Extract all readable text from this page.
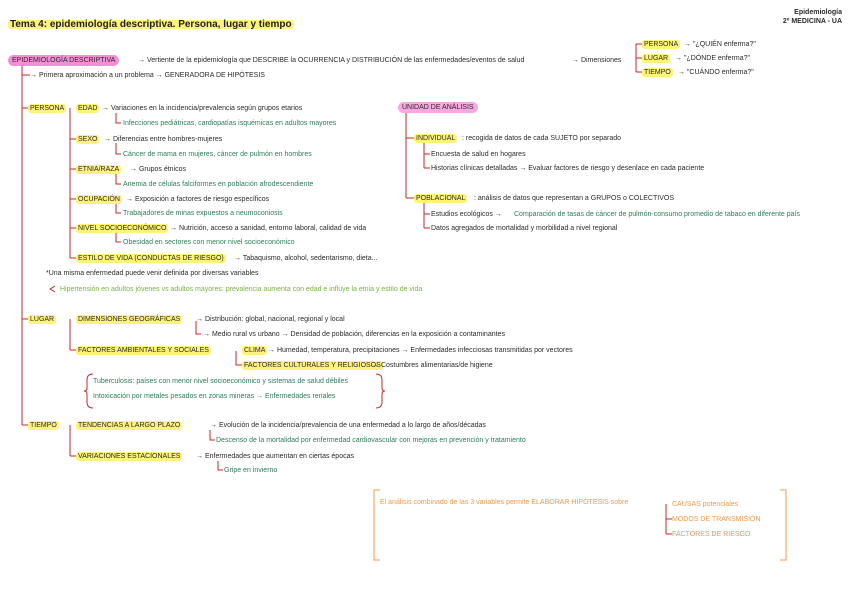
Tema 4: epidemiología descriptiva. Persona, lugar y tiempo
Epidemiología
2º MEDICINA - UA
EPIDEMIOLOGÍA DESCRIPTIVA	→ Vertiente de la epidemiología que DESCRIBE la OCURRENCIA y DISTRIBUCIÓN de las enfermedades/eventos de salud	→ Dimensiones
→ Primera aproximación a un problema → GENERADORA DE HIPÓTESIS
PERSONA → "¿QUIÉN enferma?"
LUGAR → "¿DÓNDE enferma?"
TIEMPO → "CUÁNDO enferma?"
PERSONA EDAD → Variaciones en la incidencia/prevalencia según grupos etarios
Infecciones pediátricas, cardiopatías isquémicas en adultos mayores
SEXO → Diferencias entre hombres-mujeres
Cáncer de mama en mujeres, cáncer de pulmón en hombres
ETNIA/RAZA → Grupos étnicos
Anemia de células falciformes en población afrodescendiente
OCUPACIÓN → Exposición a factores de riesgo específicos
Trabajadores de minas expuestos a neumoconiosis
NIVEL SOCIOECONÓMICO → Nutrición, acceso a sanidad, entorno laboral, calidad de vida
Obesidad en sectores con menor nivel socioeconómico
ESTILO DE VIDA (CONDUCTAS DE RIESGO) → Tabaquismo, alcohol, sedentarismo, dieta...
*Una misma enfermedad puede venir definida por diversas variables
Hipertensión en adultos jóvenes vs adultos mayores: prevalencia aumenta con edad e influye la etnia y estilo de vida
UNIDAD DE ANÁLISIS
INDIVIDUAL : recogida de datos de cada SUJETO por separado
Encuesta de salud en hogares
Historias clínicas detalladas → Evaluar factores de riesgo y desenlace en cada paciente
POBLACIONAL : análisis de datos que representan a GRUPOS o COLECTIVOS
Estudios ecológicos → Comparación de tasas de cáncer de pulmón-consumo promedio de tabaco en diferente país
Datos agregados de mortalidad y morbilidad a nivel regional
LUGAR	DIMENSIONES GEOGRÁFICAS → Distribución: global, nacional, regional y local
→ Medio rural vs urbano → Densidad de población, diferencias en la exposición a contaminantes
FACTORES AMBIENTALES Y SOCIALES	CLIMA → Humedad, temperatura, precipitaciones → Enfermedades infecciosas transmitidas por vectores
FACTORES CULTURALES Y RELIGIOSOS
→ Costumbres alimentarias/de higiene
Tuberculosis: países con menor nivel socioeconómico y sistemas de salud débiles
Intoxicación por metales pesados en zonas mineras → Enfermedades renales
TIEMPO	TENDENCIAS A LARGO PLAZO	→ Evolución de la incidencia/prevalencia de una enfermedad a lo largo de años/décadas
Descenso de la mortalidad por enfermedad cardiovascular con mejoras en prevención y tratamiento
VARIACIONES ESTACIONALES → Enfermedades que aumentan en ciertas épocas
Gripe en invierno
El análisis combinado de las 3 variables permite ELABORAR HIPÓTESIS sobre	CAUSAS potenciales
MODOS DE TRANSMISIÓN
FACTORES DE RIESGO
